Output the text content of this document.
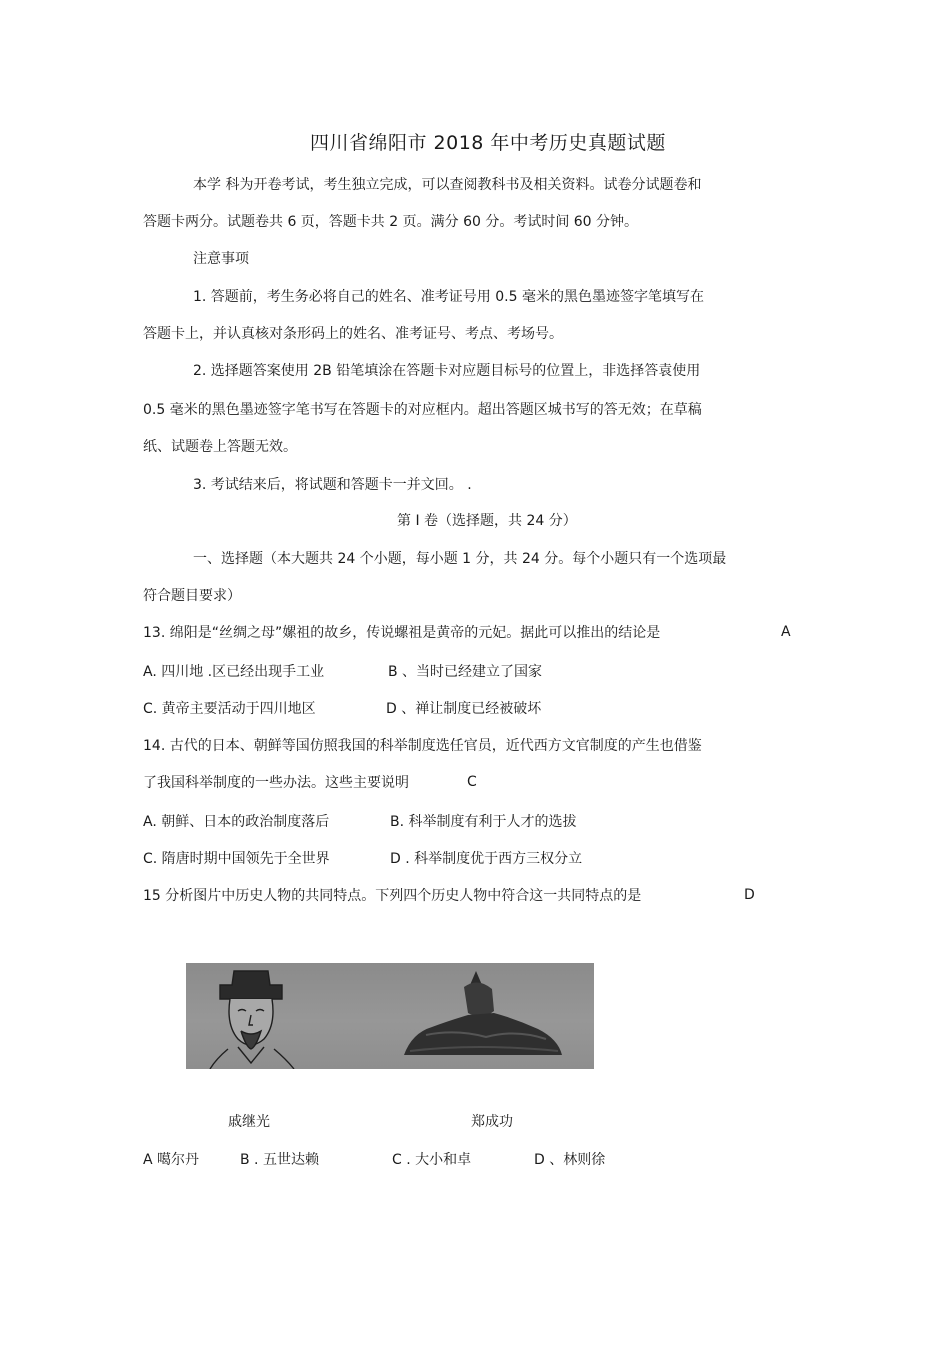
四川省绵阳市 2018 年中考历史真题试题
本学 科为开卷考试，考生独立完成，可以查阅教科书及相关资料。试卷分试题卷和
答题卡两分。试题卷共 6 页，答题卡共 2 页。满分 60 分。考试时间 60 分钟。
注意事项
1. 答题前，考生务必将自己的姓名、准考证号用 0.5 毫米的黑色墨迹签字笔填写在
答题卡上，并认真核对条形码上的姓名、准考证号、考点、考场号。
2. 选择题答案使用 2B 铅笔填涂在答题卡对应题目标号的位置上，非选择答袁使用
0.5 毫米的黑色墨迹签字笔书写在答题卡的对应框内。超出答题区城书写的答无效；在草稿
纸、试题卷上答题无效。
3. 考试结来后，将试题和答题卡一并文回。 .
第 I 卷（选择题，共 24 分）
一、选择题（本大题共 24 个小题，每小题 1 分，共 24 分。每个小题只有一个选项最
符合题目要求）
13. 绵阳是“丝绸之母”嫘祖的故乡，传说螺祖是黄帝的元妃。据此可以推出的结论是	A
A. 四川地 .区已经出现手工业	B 、当时已经建立了国家
C. 黄帝主要活动于四川地区	D 、禅让制度已经被破坏
14. 古代的日本、朝鲜等国仿照我国的科举制度选任官员，近代西方文官制度的产生也借鉴
了我国科举制度的一些办法。这些主要说明	C
A. 朝鲜、日本的政治制度落后	B. 科举制度有利于人才的选拔
C. 隋唐时期中国领先于全世界	D . 科举制度优于西方三权分立
15 分析图片中历史人物的共同特点。下列四个历史人物中符合这一共同特点的是	D
戚继光	郑成功
A 噶尔丹	B . 五世达赖	C . 大小和卓	D 、林则徐
